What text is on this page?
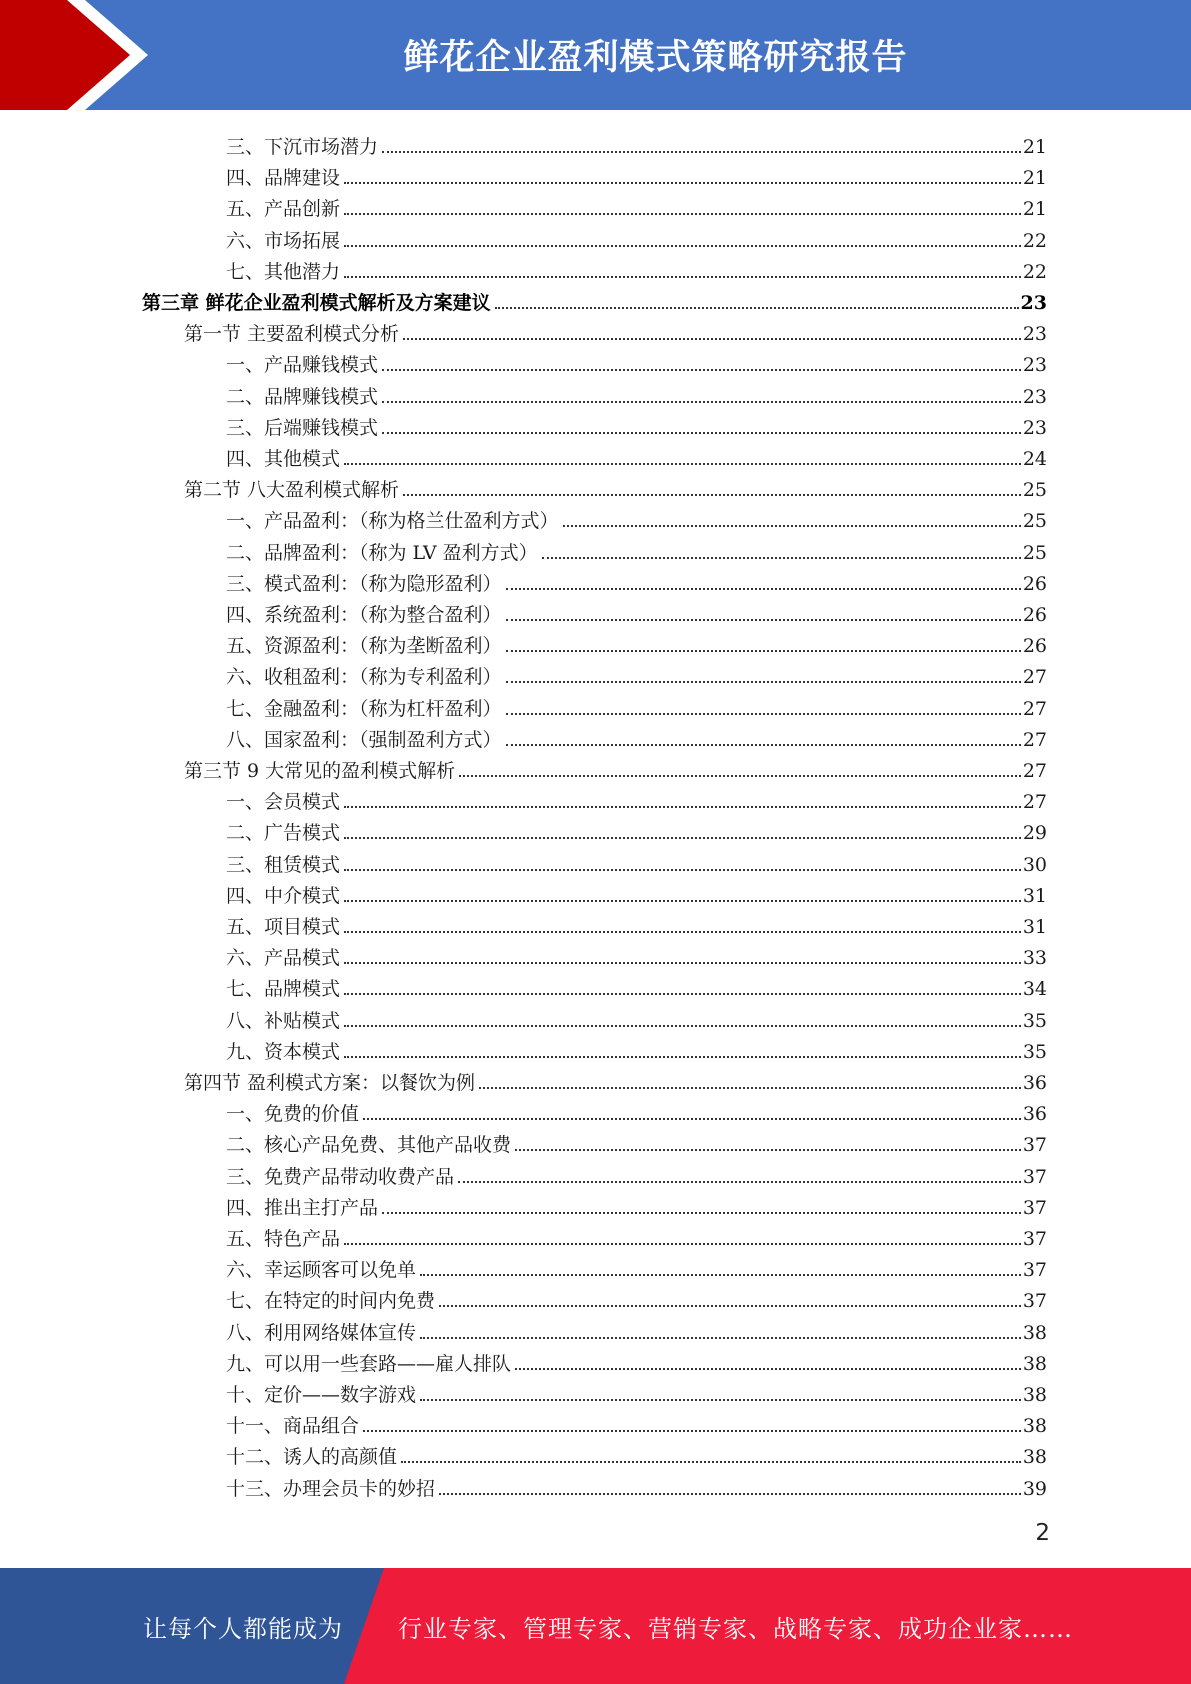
鲜花企业盈利模式策略研究报告
三、下沉市场潜力	21
四、品牌建设	21
五、产品创新	21
六、市场拓展	22
七、其他潜力	22
第三章 鲜花企业盈利模式解析及方案建议	23
第一节 主要盈利模式分析	23
一、产品赚钱模式	23
二、品牌赚钱模式	23
三、后端赚钱模式	23
四、其他模式	24
第二节 八大盈利模式解析	25
一、产品盈利：（称为格兰仕盈利方式）	25
二、品牌盈利：（称为 LV 盈利方式）	25
三、模式盈利：（称为隐形盈利）	26
四、系统盈利：（称为整合盈利）	26
五、资源盈利：（称为垄断盈利）	26
六、收租盈利：（称为专利盈利）	27
七、金融盈利：（称为杠杆盈利）	27
八、国家盈利：（强制盈利方式）	27
第三节 9 大常见的盈利模式解析	27
一、会员模式	27
二、广告模式	29
三、租赁模式	30
四、中介模式	31
五、项目模式	31
六、产品模式	33
七、品牌模式	34
八、补贴模式	35
九、资本模式	35
第四节 盈利模式方案：以餐饮为例	36
一、免费的价值	36
二、核心产品免费、其他产品收费	37
三、免费产品带动收费产品	37
四、推出主打产品	37
五、特色产品	37
六、幸运顾客可以免单	37
七、在特定的时间内免费	37
八、利用网络媒体宣传	38
九、可以用一些套路——雇人排队	38
十、定价——数字游戏	38
十一、商品组合	38
十二、诱人的高颜值	38
十三、办理会员卡的妙招	39
2
让每个人都能成为 行业专家、管理专家、营销专家、战略专家、成功企业家……
